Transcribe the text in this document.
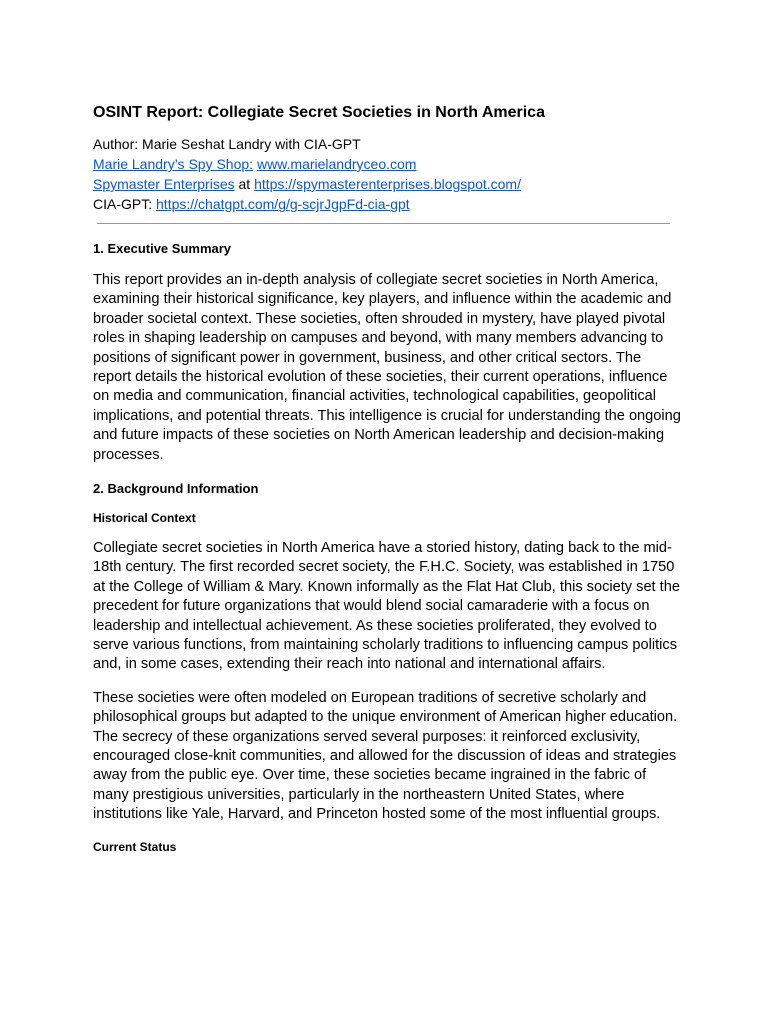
OSINT Report: Collegiate Secret Societies in North America

Author: Marie Seshat Landry with CIA-GPT

Marie Landry’s Spy Shop: www.marielandryceo.com

Spymaster Enterprises at https://spymasterenterprises.blogspot.com/

CIA-GPT: https://chatgpt.com/g/g-scjrJgpFd-cia-gpt

1. Executive Summary

This report provides an in-depth analysis of collegiate secret societies in North America, examining their historical significance, key players, and influence within the academic and broader societal context. These societies, often shrouded in mystery, have played pivotal roles in shaping leadership on campuses and beyond, with many members advancing to positions of significant power in government, business, and other critical sectors. The report details the historical evolution of these societies, their current operations, influence on media and communication, financial activities, technological capabilities, geopolitical implications, and potential threats. This intelligence is crucial for understanding the ongoing and future impacts of these societies on North American leadership and decision-making processes.

2. Background Information
Historical Context

Collegiate secret societies in North America have a storied history, dating back to the mid-18th century. The first recorded secret society, the F.H.C. Society, was established in 1750 at the College of William & Mary. Known informally as the Flat Hat Club, this society set the precedent for future organizations that would blend social camaraderie with a focus on leadership and intellectual achievement. As these societies proliferated, they evolved to serve various functions, from maintaining scholarly traditions to influencing campus politics and, in some cases, extending their reach into national and international affairs.

These societies were often modeled on European traditions of secretive scholarly and philosophical groups but adapted to the unique environment of American higher education. The secrecy of these organizations served several purposes: it reinforced exclusivity, encouraged close-knit communities, and allowed for the discussion of ideas and strategies away from the public eye. Over time, these societies became ingrained in the fabric of many prestigious universities, particularly in the northeastern United States, where institutions like Yale, Harvard, and Princeton hosted some of the most influential groups.

Current Status
